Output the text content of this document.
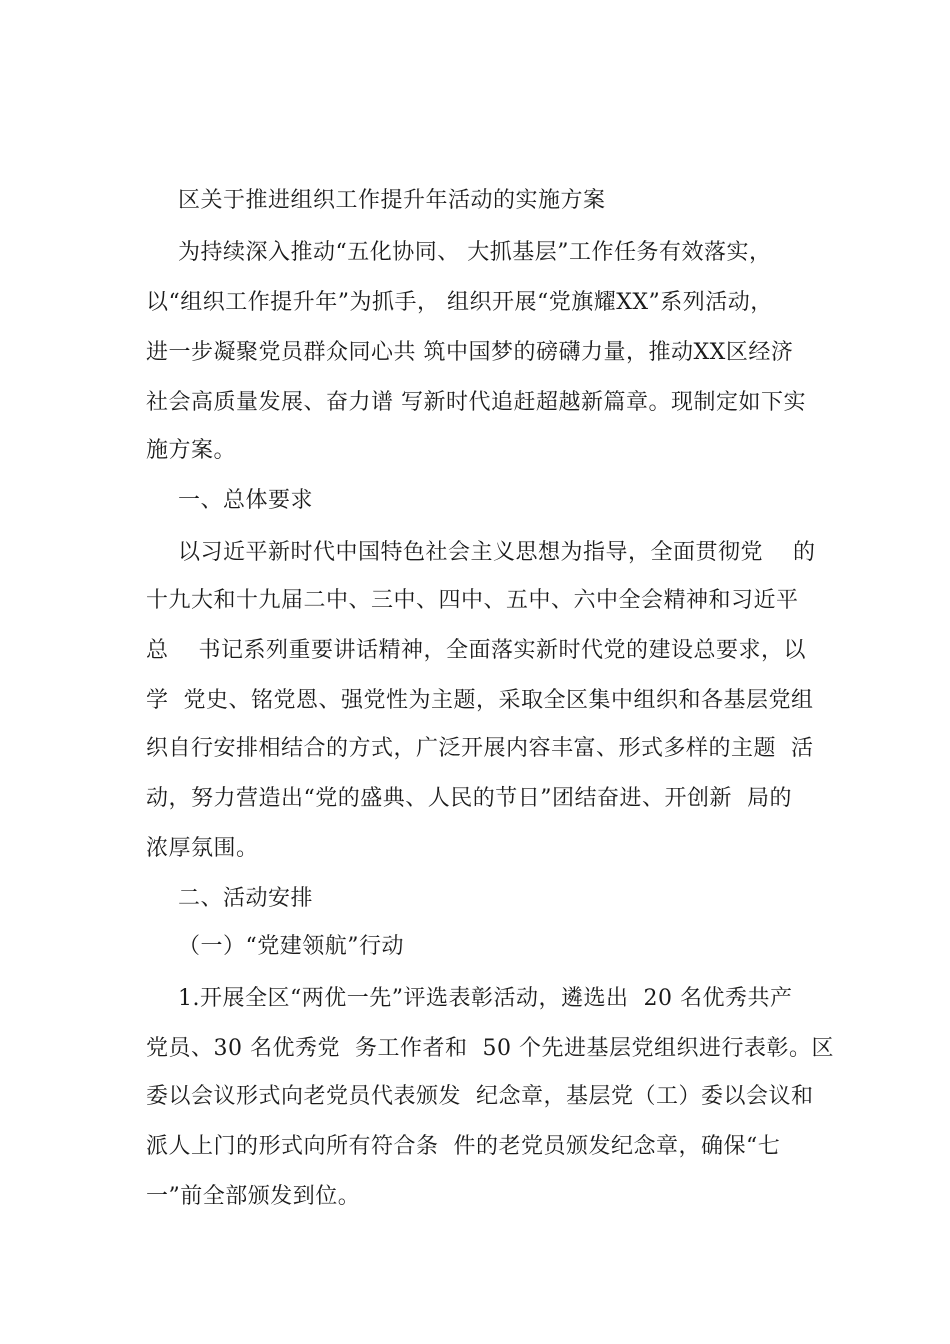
区关于推进组织工作提升年活动的实施方案
为持续深入推动“五化协同、 大抓基层”工作任务有效落实，
以“组织工作提升年”为抓手， 组织开展“党旗耀XX”系列活动，
进一步凝聚党员群众同心共 筑中国梦的磅礴力量，推动XX区经济
社会高质量发展、奋力谱 写新时代追赶超越新篇章。现制定如下实
施方案。
一、总体要求
以习近平新时代中国特色社会主义思想为指导，全面贯彻党    的
十九大和十九届二中、三中、四中、五中、六中全会精神和习近平
总    书记系列重要讲话精神，全面落实新时代党的建设总要求，以
学  党史、铭党恩、强党性为主题，采取全区集中组织和各基层党组
织自行安排相结合的方式，广泛开展内容丰富、形式多样的主题  活
动，努力营造出“党的盛典、人民的节日”团结奋进、开创新  局的
浓厚氛围。
二、活动安排
（一）“党建领航”行动
1.开展全区“两优一先”评选表彰活动，遴选出  20 名优秀共产
党员、30 名优秀党  务工作者和  50 个先进基层党组织进行表彰。区
委以会议形式向老党员代表颁发  纪念章，基层党（工）委以会议和
派人上门的形式向所有符合条  件的老党员颁发纪念章，确保“七
一”前全部颁发到位。
